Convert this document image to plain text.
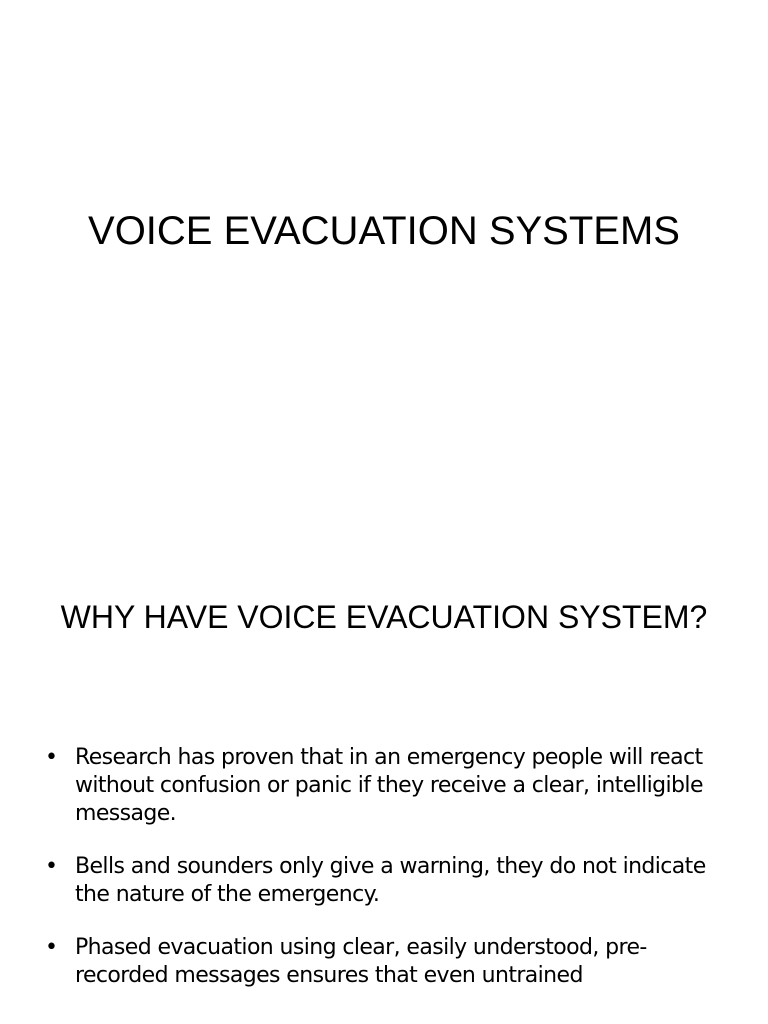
VOICE EVACUATION SYSTEMS
WHY HAVE VOICE EVACUATION SYSTEM?
• Research has proven that in an emergency people will react without confusion or panic if they receive a clear, intelligible message.
• Bells and sounders only give a warning, they do not indicate the nature of the emergency.
• Phased evacuation using clear, easily understood, pre-recorded messages ensures that even untrained
